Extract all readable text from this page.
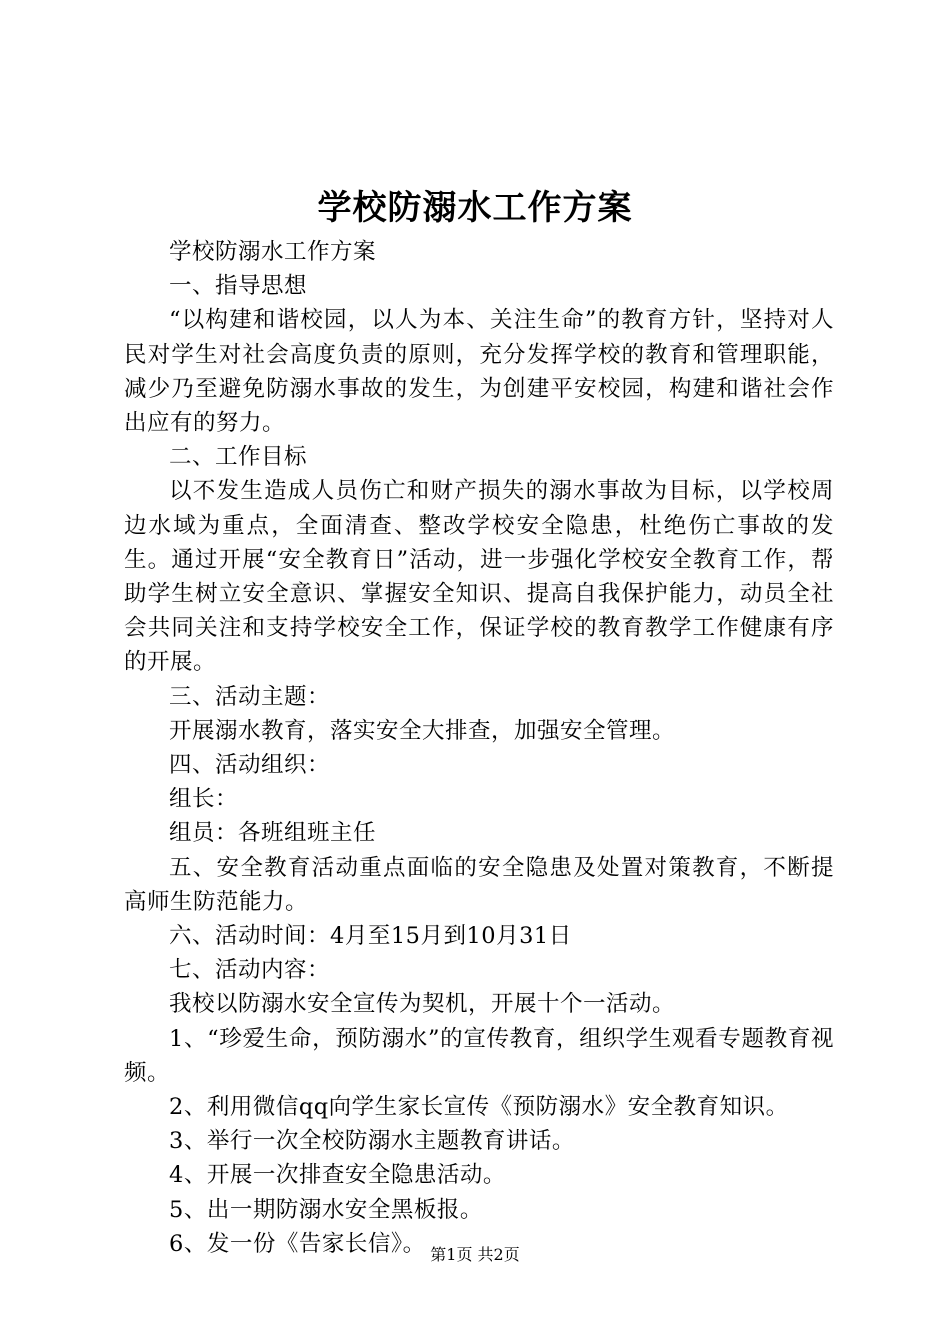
学校防溺水工作方案

学校防溺水工作方案

一、指导思想

“以构建和谐校园，以人为本、关注生命”的教育方针，坚持对人民对学生对社会高度负责的原则，充分发挥学校的教育和管理职能，减少乃至避免防溺水事故的发生，为创建平安校园，构建和谐社会作出应有的努力。

二、工作目标

以不发生造成人员伤亡和财产损失的溺水事故为目标，以学校周边水域为重点，全面清查、整改学校安全隐患，杜绝伤亡事故的发生。通过开展“安全教育日”活动，进一步强化学校安全教育工作，帮助学生树立安全意识、掌握安全知识、提高自我保护能力，动员全社会共同关注和支持学校安全工作，保证学校的教育教学工作健康有序的开展。

三、活动主题：

开展溺水教育，落实安全大排查，加强安全管理。

四、活动组织：

组长：

组员：各班组班主任

五、安全教育活动重点面临的安全隐患及处置对策教育，不断提高师生防范能力。

六、活动时间：4月至15月到10月31日

七、活动内容：

我校以防溺水安全宣传为契机，开展十个一活动。

1、“珍爱生命，预防溺水”的宣传教育，组织学生观看专题教育视频。

2、利用微信qq向学生家长宣传《预防溺水》安全教育知识。

3、举行一次全校防溺水主题教育讲话。

4、开展一次排查安全隐患活动。

5、出一期防溺水安全黑板报。

6、发一份《告家长信》。 第1页 共2页
